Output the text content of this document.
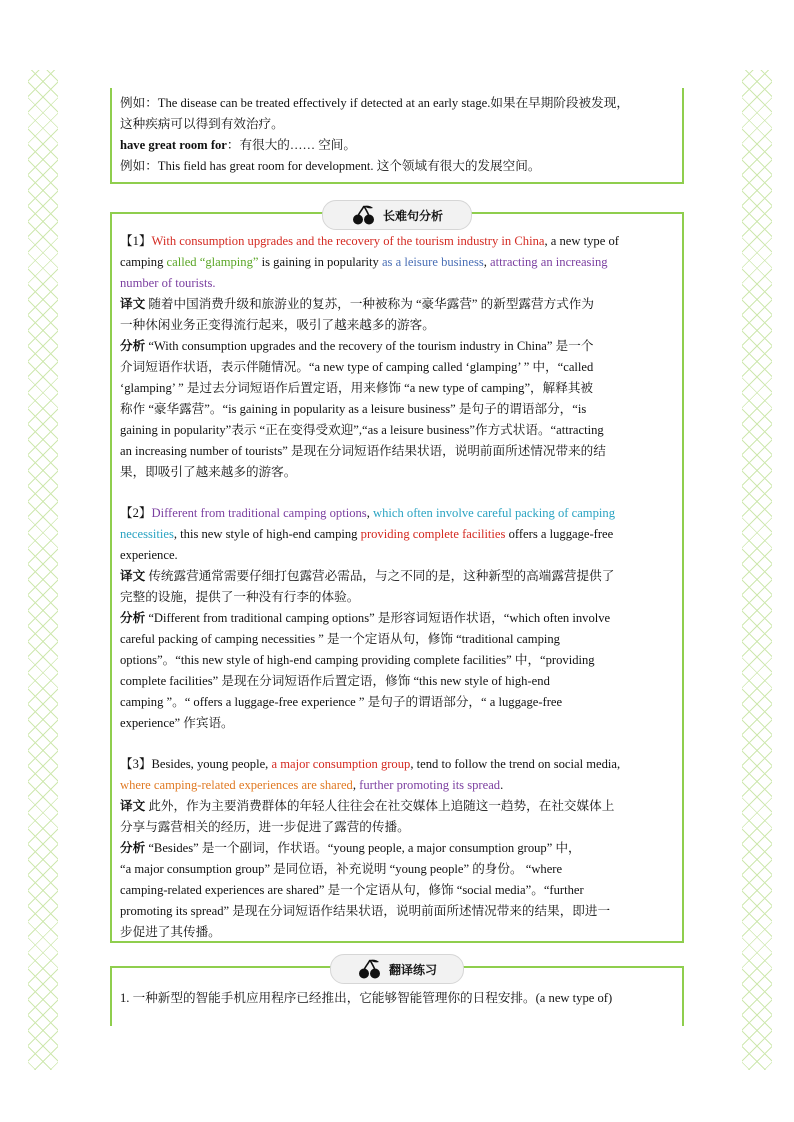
例如：The disease can be treated effectively if detected at an early stage.如果在早期阶段被发现，
这种疾病可以得到有效治疗。
have great room for：有很大的…… 空间。
例如：This field has great room for development. 这个领域有很大的发展空间。
长难句分析
【1】With consumption upgrades and the recovery of the tourism industry in China, a new type of
camping called “glamping” is gaining in popularity as a leisure business, attracting an increasing
number of tourists.
译文 随着中国消费升级和旅游业的复苏，一种被称为 “豪华露营” 的新型露营方式作为
一种休闲业务正变得流行起来，吸引了越来越多的游客。
分析 “With consumption upgrades and the recovery of the tourism industry in China” 是一个
介词短语作状语，表示伴随情况。“a new type of camping called ‘glamping’ ” 中，“called
‘glamping’ ” 是过去分词短语作后置定语，用来修饰 “a new type of camping”，解释其被
称作 “豪华露营”。“is gaining in popularity as a leisure business” 是句子的谓语部分，“is
gaining in popularity”表示 “正在变得受欢迎”,“as a leisure business”作方式状语。“attracting
an increasing number of tourists” 是现在分词短语作结果状语，说明前面所述情况带来的结
果，即吸引了越来越多的游客。
【2】Different from traditional camping options, which often involve careful packing of camping
necessities, this new style of high-end camping providing complete facilities offers a luggage-free
experience.
译文 传统露营通常需要仔细打包露营必需品，与之不同的是，这种新型的高端露营提供了
完整的设施，提供了一种没有行李的体验。
分析 “Different from traditional camping options” 是形容词短语作状语，“which often involve
careful packing of camping necessities ” 是一个定语从句，修饰 “traditional camping
options”。“this new style of high-end camping providing complete facilities” 中，“providing
complete facilities” 是现在分词短语作后置定语，修饰 “this new style of high-end
camping ”。“ offers a luggage-free experience ” 是句子的谓语部分，“ a luggage-free
experience” 作宾语。
【3】Besides, young people, a major consumption group, tend to follow the trend on social media,
where camping-related experiences are shared, further promoting its spread.
译文 此外，作为主要消费群体的年轻人往往会在社交媒体上追随这一趋势，在社交媒体上
分享与露营相关的经历，进一步促进了露营的传播。
分析 “Besides” 是一个副词，作状语。“young people, a major consumption group” 中，
“a major consumption group” 是同位语，补充说明 “young people” 的身份。 “where
camping-related experiences are shared” 是一个定语从句，修饰 “social media”。“further
promoting its spread” 是现在分词短语作结果状语，说明前面所述情况带来的结果，即进一
步促进了其传播。
翻译练习
1. 一种新型的智能手机应用程序已经推出，它能够智能管理你的日程安排。(a new type of)
